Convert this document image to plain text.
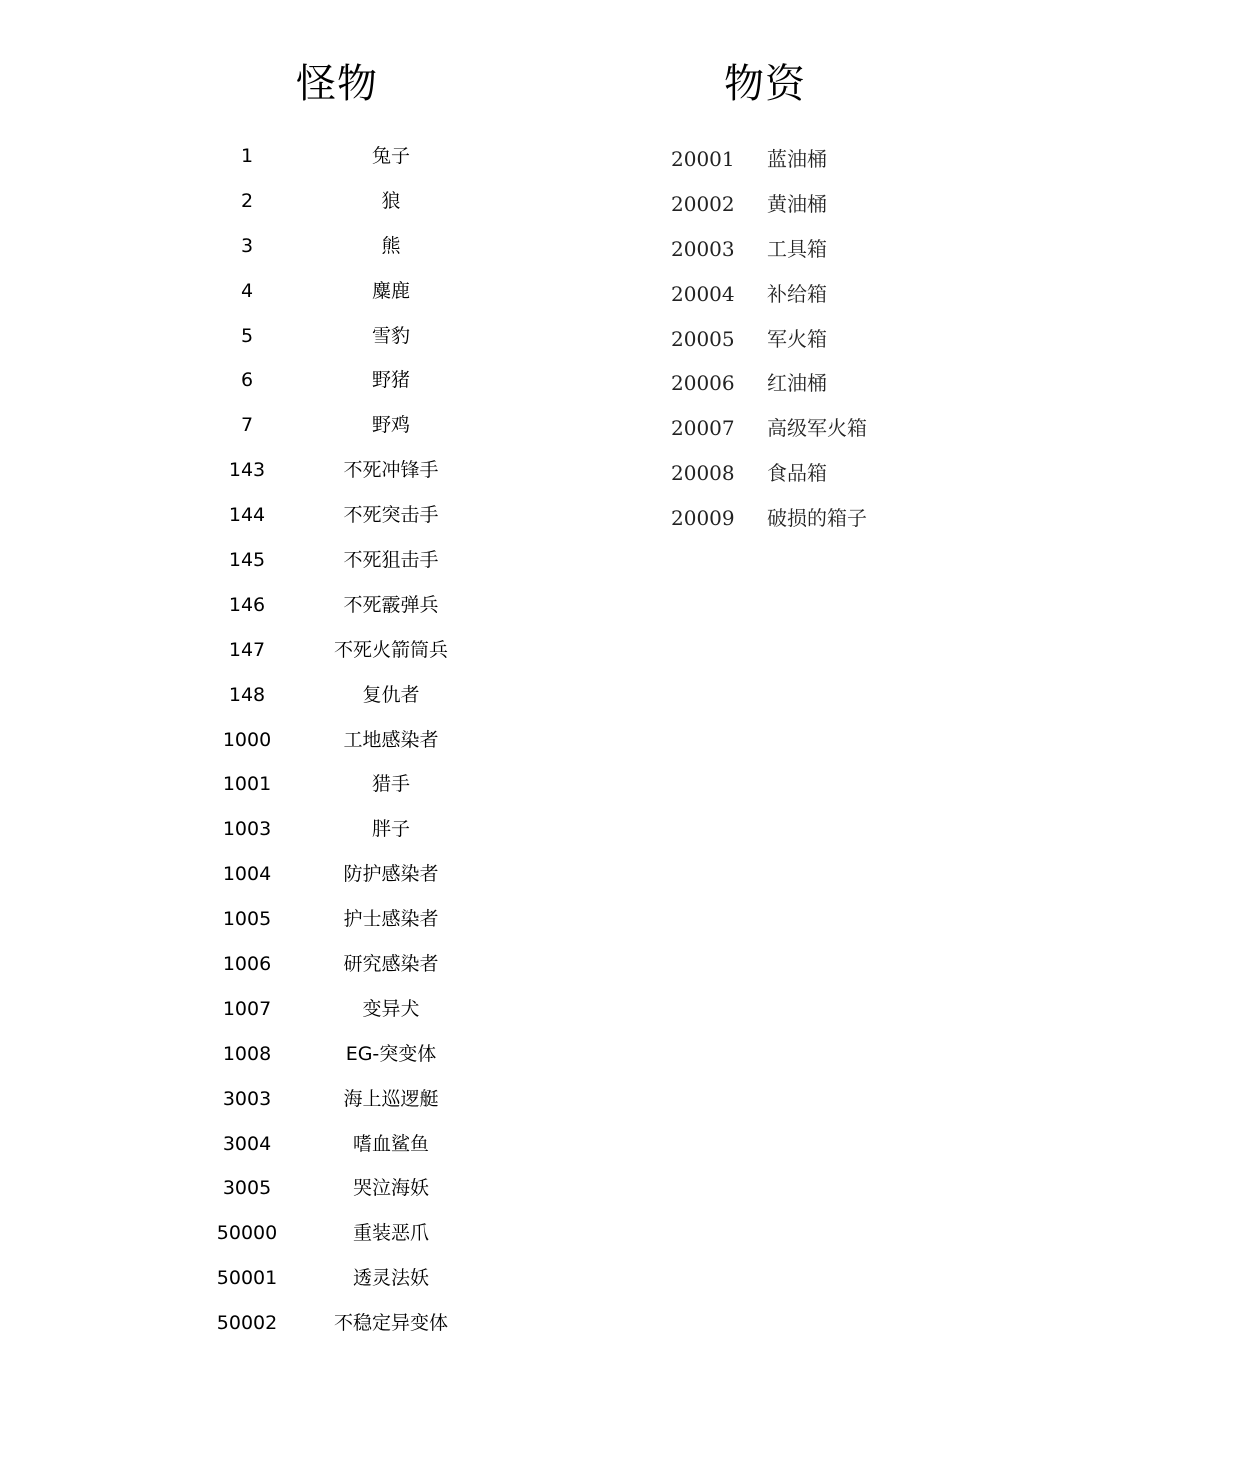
怪物	物资
1	兔子
2	狼
3	熊
4	麋鹿
5	雪豹
6	野猪
7	野鸡
143	不死冲锋手
144	不死突击手
145	不死狙击手
146	不死霰弹兵
147	不死火箭筒兵
148	复仇者
1000	工地感染者
1001	猎手
1003	胖子
1004	防护感染者
1005	护士感染者
1006	研究感染者
1007	变异犬
1008	EG-突变体
3003	海上巡逻艇
3004	嗜血鲨鱼
3005	哭泣海妖
50000	重装恶爪
50001	透灵法妖
50002	不稳定异变体
20001	蓝油桶
20002	黄油桶
20003	工具箱
20004	补给箱
20005	军火箱
20006	红油桶
20007	高级军火箱
20008	食品箱
20009	破损的箱子
